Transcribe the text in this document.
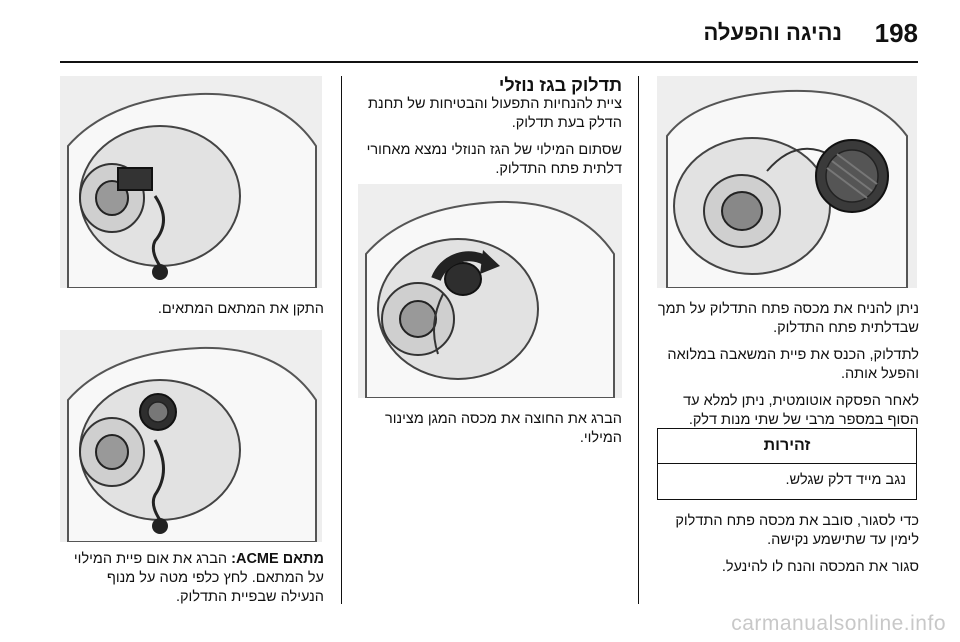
198
נהיגה והפעלה

ניתן להניח את מכסה פתח התדלוק על תמך שבדלתית פתח התדלוק.

לתדלוק, הכנס את פיית המשאבה במלואה והפעל אותה.

לאחר הפסקה אוטומטית, ניתן למלא עד הסוף במספר מרבי של שתי מנות דלק.

זהירות
נגב מייד דלק שגלש.

כדי לסגור, סובב את מכסה פתח התדלוק לימין עד שתישמע נקישה.

סגור את המכסה והנח לו להינעל.

תדלוק בגז נוזלי

ציית להנחיות התפעול והבטיחות של תחנת הדלק בעת תדלוק.

שסתום המילוי של הגז הנוזלי נמצא מאחורי דלתית פתח התדלוק.

הברג את החוצה את מכסה המגן מצינור המילוי.

התקן את המתאם המתאים.

מתאם ACME: הברג את אום פיית המילוי על המתאם. לחץ כלפי מטה על מנוף הנעילה שבפיית התדלוק.

carmanualsonline.info
